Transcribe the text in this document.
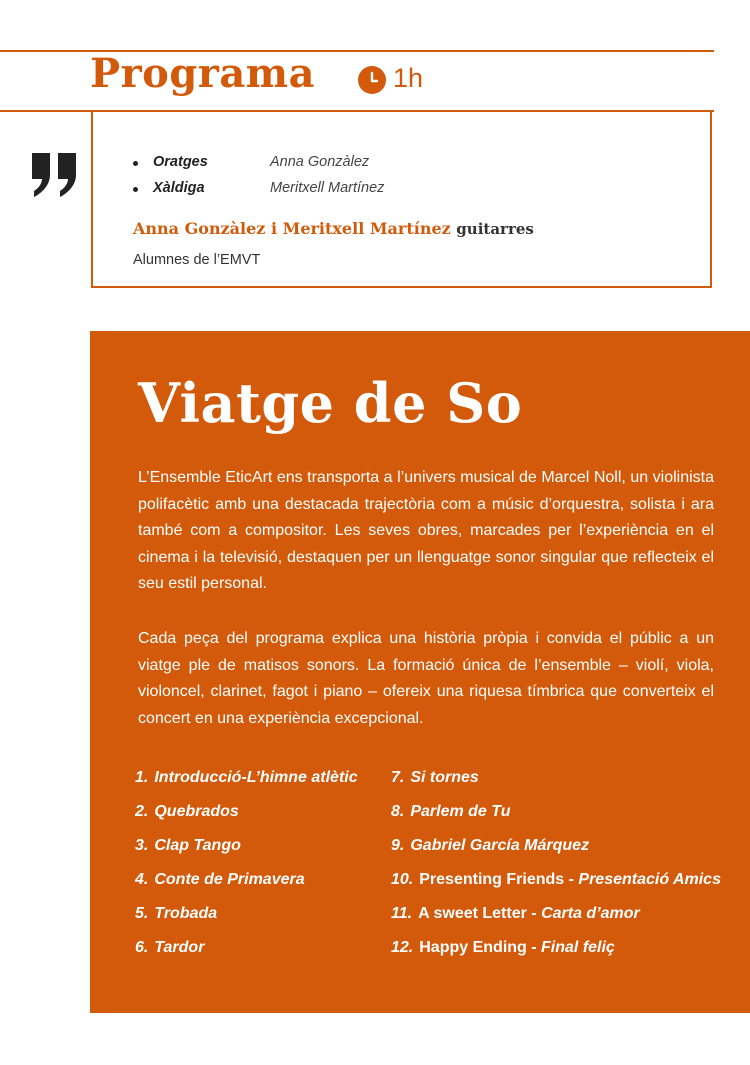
Programa	1h
Oratges	Anna Gonzàlez
Xàldiga	Meritxell Martínez
Anna Gonzàlez i Meritxell Martínez guitarres
Alumnes de l’EMVT
Viatge de So

L’Ensemble EticArt ens transporta a l’univers musical de Marcel Noll, un violinista polifacètic amb una destacada trajectòria com a músic d’orquestra, solista i ara també com a compositor. Les seves obres, marcades per l’experiència en el cinema i la televisió, destaquen per un llenguatge sonor singular que reflecteix el seu estil personal.

Cada peça del programa explica una història pròpia i convida el públic a un viatge ple de matisos sonors. La formació única de l’ensemble – violí, viola, violoncel, clarinet, fagot i piano – ofereix una riquesa tímbrica que converteix el concert en una experiència excepcional.

1. Introducció-L’himne atlètic
2. Quebrados
3. Clap Tango
4. Conte de Primavera
5. Trobada
6. Tardor
7. Si tornes
8. Parlem de Tu
9. Gabriel García Márquez
10. Presenting Friends - Presentació Amics
11. A sweet Letter - Carta d’amor
12. Happy Ending - Final feliç
